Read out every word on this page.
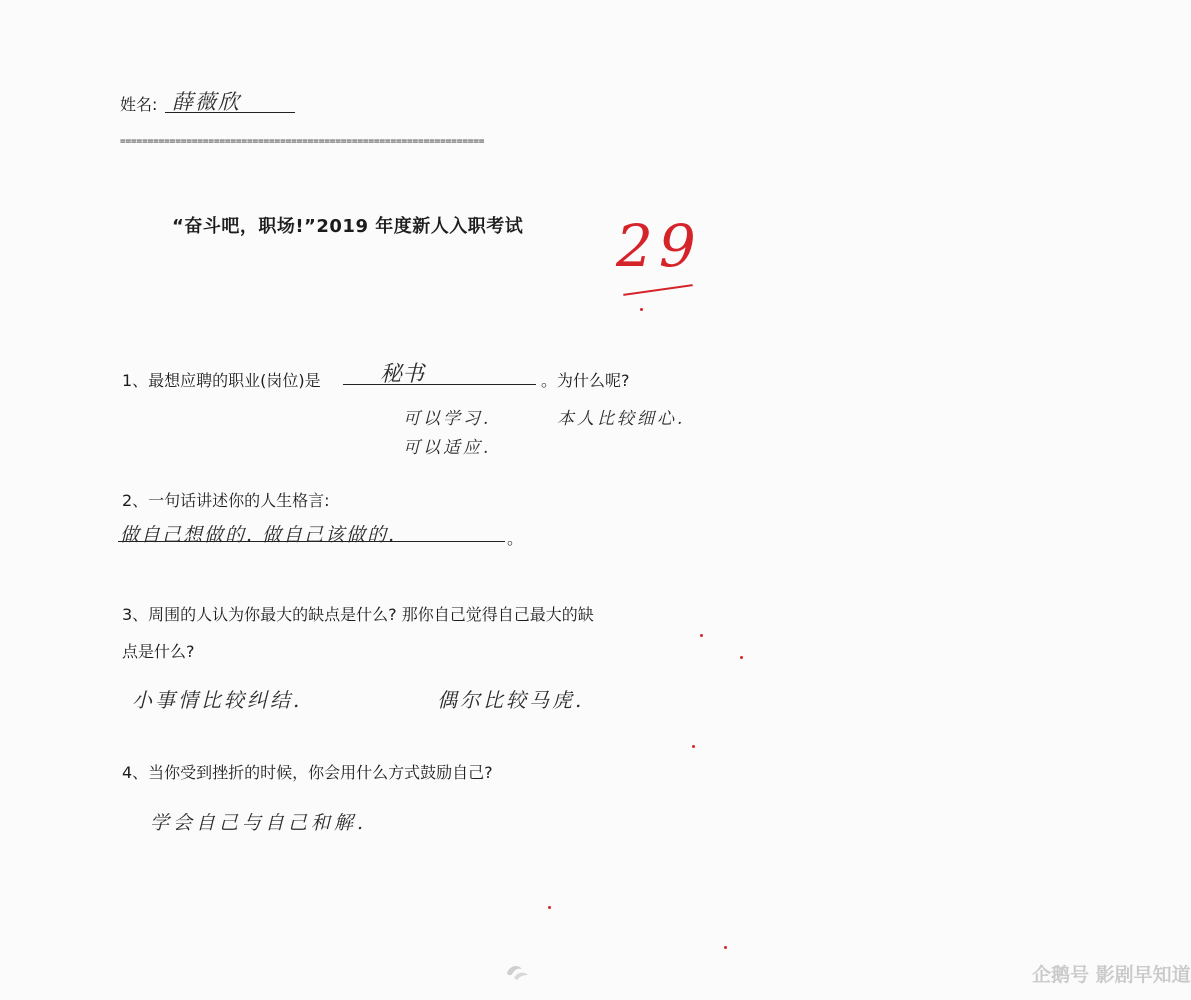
姓名: 薛薇欣
==================================================================
“奋斗吧，职场!”2019 年度新人入职考试 29
1、最想应聘的职业(岗位)是	秘书	。为什么呢?
可以学习.
可以适应.
本人比较细心.
2、一句话讲述你的人生格言:
做自己想做的. 做自己该做的.	。
3、周围的人认为你最大的缺点是什么? 那你自己觉得自己最大的缺
点是什么?
小事情比较纠结.	偶尔比较马虎.
4、当你受到挫折的时候，你会用什么方式鼓励自己?
学会自己与自己和解.
企鹅号 影剧早知道
